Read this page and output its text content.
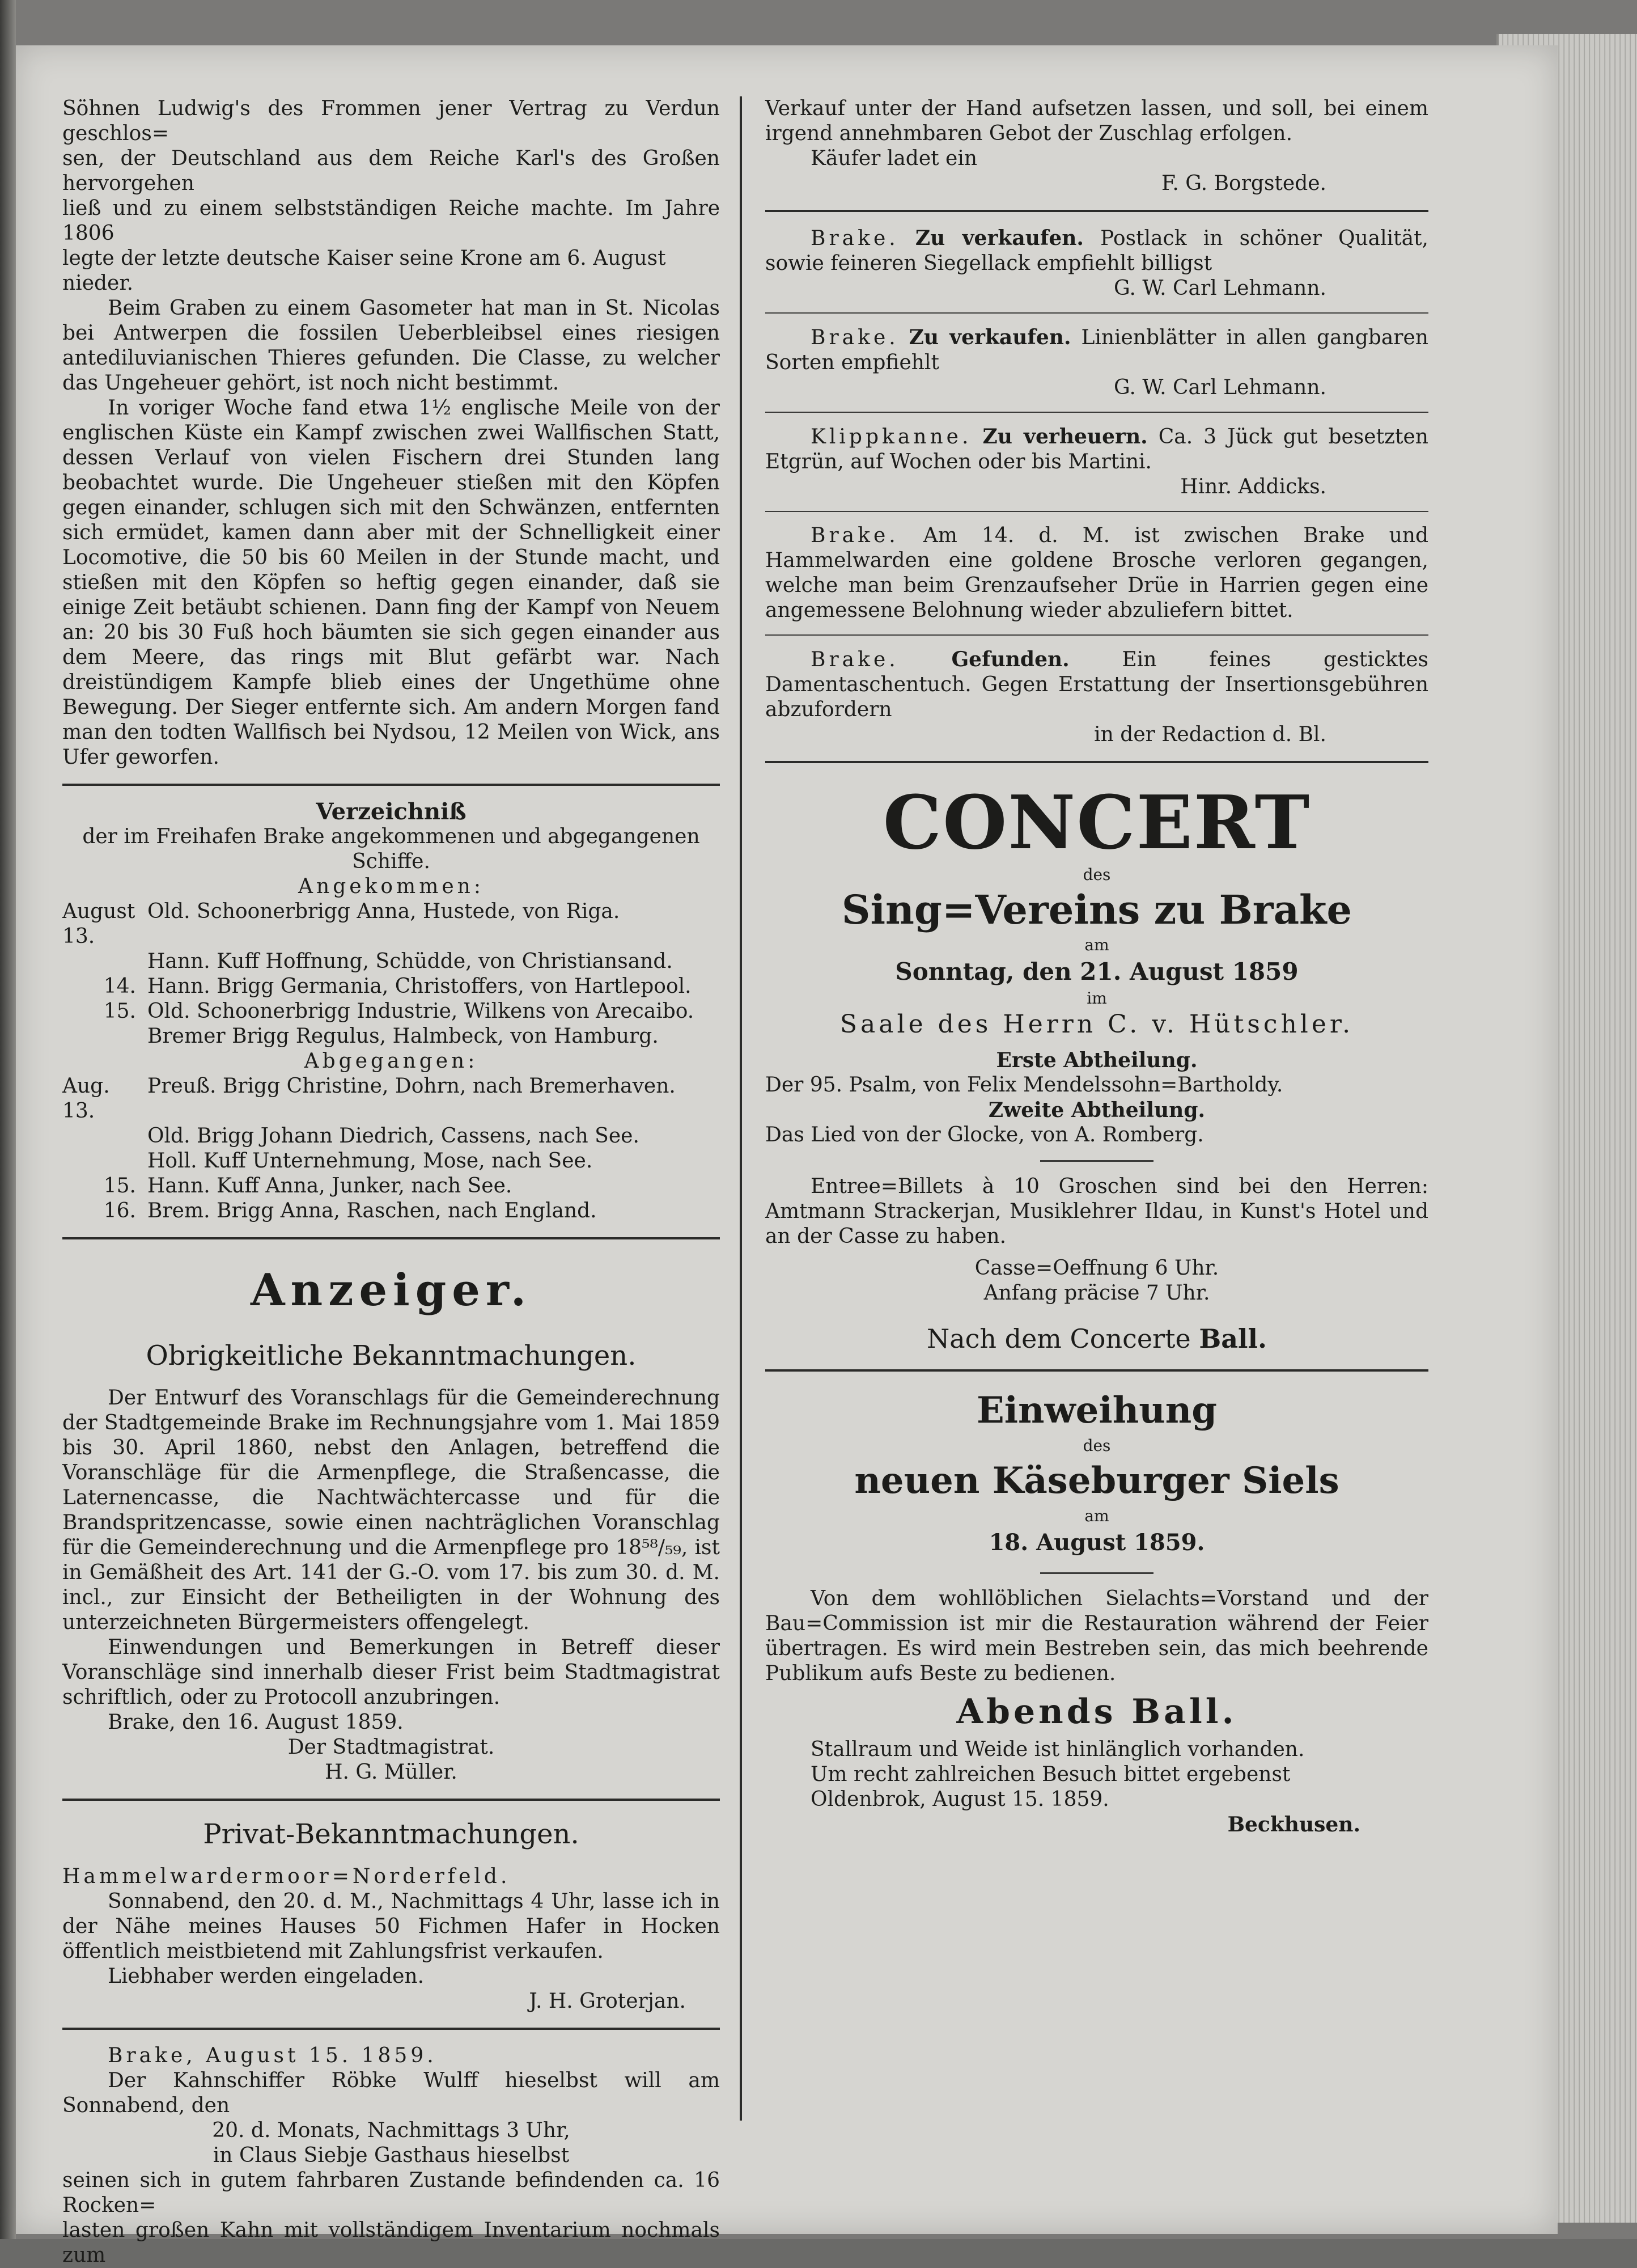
Söhnen Ludwig's des Frommen jener Vertrag zu Verdun geschlos=

sen, der Deutschland aus dem Reiche Karl's des Großen hervorgehen

ließ und zu einem selbstständigen Reiche machte. Im Jahre 1806

legte der letzte deutsche Kaiser seine Krone am 6. August nieder.

Beim Graben zu einem Gasometer hat man in St. Nicolas bei Antwerpen die fossilen Ueberbleibsel eines riesigen antediluvianischen Thieres gefunden. Die Classe, zu welcher das Ungeheuer gehört, ist noch nicht bestimmt.

In voriger Woche fand etwa 1½ englische Meile von der englischen Küste ein Kampf zwischen zwei Wallfischen Statt, dessen Verlauf von vielen Fischern drei Stunden lang beobachtet wurde. Die Ungeheuer stießen mit den Köpfen gegen einander, schlugen sich mit den Schwänzen, entfernten sich ermüdet, kamen dann aber mit der Schnelligkeit einer Locomotive, die 50 bis 60 Meilen in der Stunde macht, und stießen mit den Köpfen so heftig gegen einander, daß sie einige Zeit betäubt schienen. Dann fing der Kampf von Neuem an: 20 bis 30 Fuß hoch bäumten sie sich gegen einander aus dem Meere, das rings mit Blut gefärbt war. Nach dreistündigem Kampfe blieb eines der Ungethüme ohne Bewegung. Der Sieger entfernte sich. Am andern Morgen fand man den todten Wallfisch bei Nydsou, 12 Meilen von Wick, ans Ufer geworfen.

Verzeichniß

der im Freihafen Brake angekommenen und abgegangenen Schiffe.

Angekommen:

August 13.
Old. Schoonerbrigg Anna, Hustede, von Riga.
Hann. Kuff Hoffnung, Schüdde, von Christiansand.
14. Hann. Brigg Germania, Christoffers, von Hartlepool.
15. Old. Schoonerbrigg Industrie, Wilkens von Arecaibo.
Bremer Brigg Regulus, Halmbeck, von Hamburg.

Abgegangen:

Aug. 13.
Preuß. Brigg Christine, Dohrn, nach Bremerhaven.
Old. Brigg Johann Diedrich, Cassens, nach See.
Holl. Kuff Unternehmung, Mose, nach See.
15. Hann. Kuff Anna, Junker, nach See.
16. Brem. Brigg Anna, Raschen, nach England.
Anzeiger.
Obrigkeitliche Bekanntmachungen.

Der Entwurf des Voranschlags für die Gemeinderechnung der Stadtgemeinde Brake im Rechnungsjahre vom 1. Mai 1859 bis 30. April 1860, nebst den Anlagen, betreffend die Voranschläge für die Armenpflege, die Straßencasse, die Laternencasse, die Nachtwächtercasse und für die Brandspritzencasse, sowie einen nachträglichen Voranschlag für die Gemeinderechnung und die Armenpflege pro 18⁵⁸/₅₉, ist in Gemäßheit des Art. 141 der G.-O. vom 17. bis zum 30. d. M. incl., zur Einsicht der Betheiligten in der Wohnung des unterzeichneten Bürgermeisters offengelegt.

Einwendungen und Bemerkungen in Betreff dieser Voranschläge sind innerhalb dieser Frist beim Stadtmagistrat schriftlich, oder zu Protocoll anzubringen.

Brake, den 16. August 1859.

Der Stadtmagistrat.

H. G. Müller.

Privat-Bekanntmachungen.

Hammelwardermoor=Norderfeld.

Sonnabend, den 20. d. M., Nachmittags 4 Uhr, lasse ich in der Nähe meines Hauses 50 Fichmen Hafer in Hocken öffentlich meistbietend mit Zahlungsfrist verkaufen.

Liebhaber werden eingeladen.

J. H. Groterjan.

Brake, August 15. 1859.

Der Kahnschiffer Röbke Wulff hieselbst will am Sonnabend, den

20. d. Monats, Nachmittags 3 Uhr,

in Claus Siebje Gasthaus hieselbst

seinen sich in gutem fahrbaren Zustande befindenden ca. 16 Rocken=

lasten großen Kahn mit vollständigem Inventarium nochmals zum

Verkauf unter der Hand aufsetzen lassen, und soll, bei einem irgend annehmbaren Gebot der Zuschlag erfolgen.

Käufer ladet ein

F. G. Borgstede.

Brake. Zu verkaufen. Postlack in schöner Qualität, sowie feineren Siegellack empfiehlt billigst

G. W. Carl Lehmann.

Brake. Zu verkaufen. Linienblätter in allen gangbaren Sorten empfiehlt

G. W. Carl Lehmann.

Klippkanne. Zu verheuern. Ca. 3 Jück gut besetzten Etgrün, auf Wochen oder bis Martini.

Hinr. Addicks.

Brake. Am 14. d. M. ist zwischen Brake und Hammelwarden eine goldene Brosche verloren gegangen, welche man beim Grenzaufseher Drüe in Harrien gegen eine angemessene Belohnung wieder abzuliefern bittet.

Brake.	Gefunden.	Ein feines gesticktes Damentaschentuch. Gegen Erstattung der Insertionsgebühren abzufordern

in der Redaction d. Bl.

CONCERT
des
Sing=Vereins zu Brake
am
Sonntag, den 21. August 1859
im
Saale des Herrn C. v. Hütschler.

Erste Abtheilung.

Der 95. Psalm, von Felix Mendelssohn=Bartholdy.

Zweite Abtheilung.

Das Lied von der Glocke, von A. Romberg.

Entree=Billets à 10 Groschen sind bei den Herren: Amtmann Strackerjan, Musiklehrer Ildau, in Kunst's Hotel und an der Casse zu haben.

Casse=Oeffnung 6 Uhr.

Anfang präcise 7 Uhr.

Nach dem Concerte Ball.

Einweihung
des
neuen Käseburger Siels
am
18. August 1859.

Von dem wohllöblichen Sielachts=Vorstand und der Bau=Commission ist mir die Restauration während der Feier übertragen. Es wird mein Bestreben sein, das mich beehrende Publikum aufs Beste zu bedienen.

Abends Ball.

Stallraum und Weide ist hinlänglich vorhanden.

Um recht zahlreichen Besuch bittet ergebenst

Oldenbrok, August 15. 1859.

Beckhusen.
